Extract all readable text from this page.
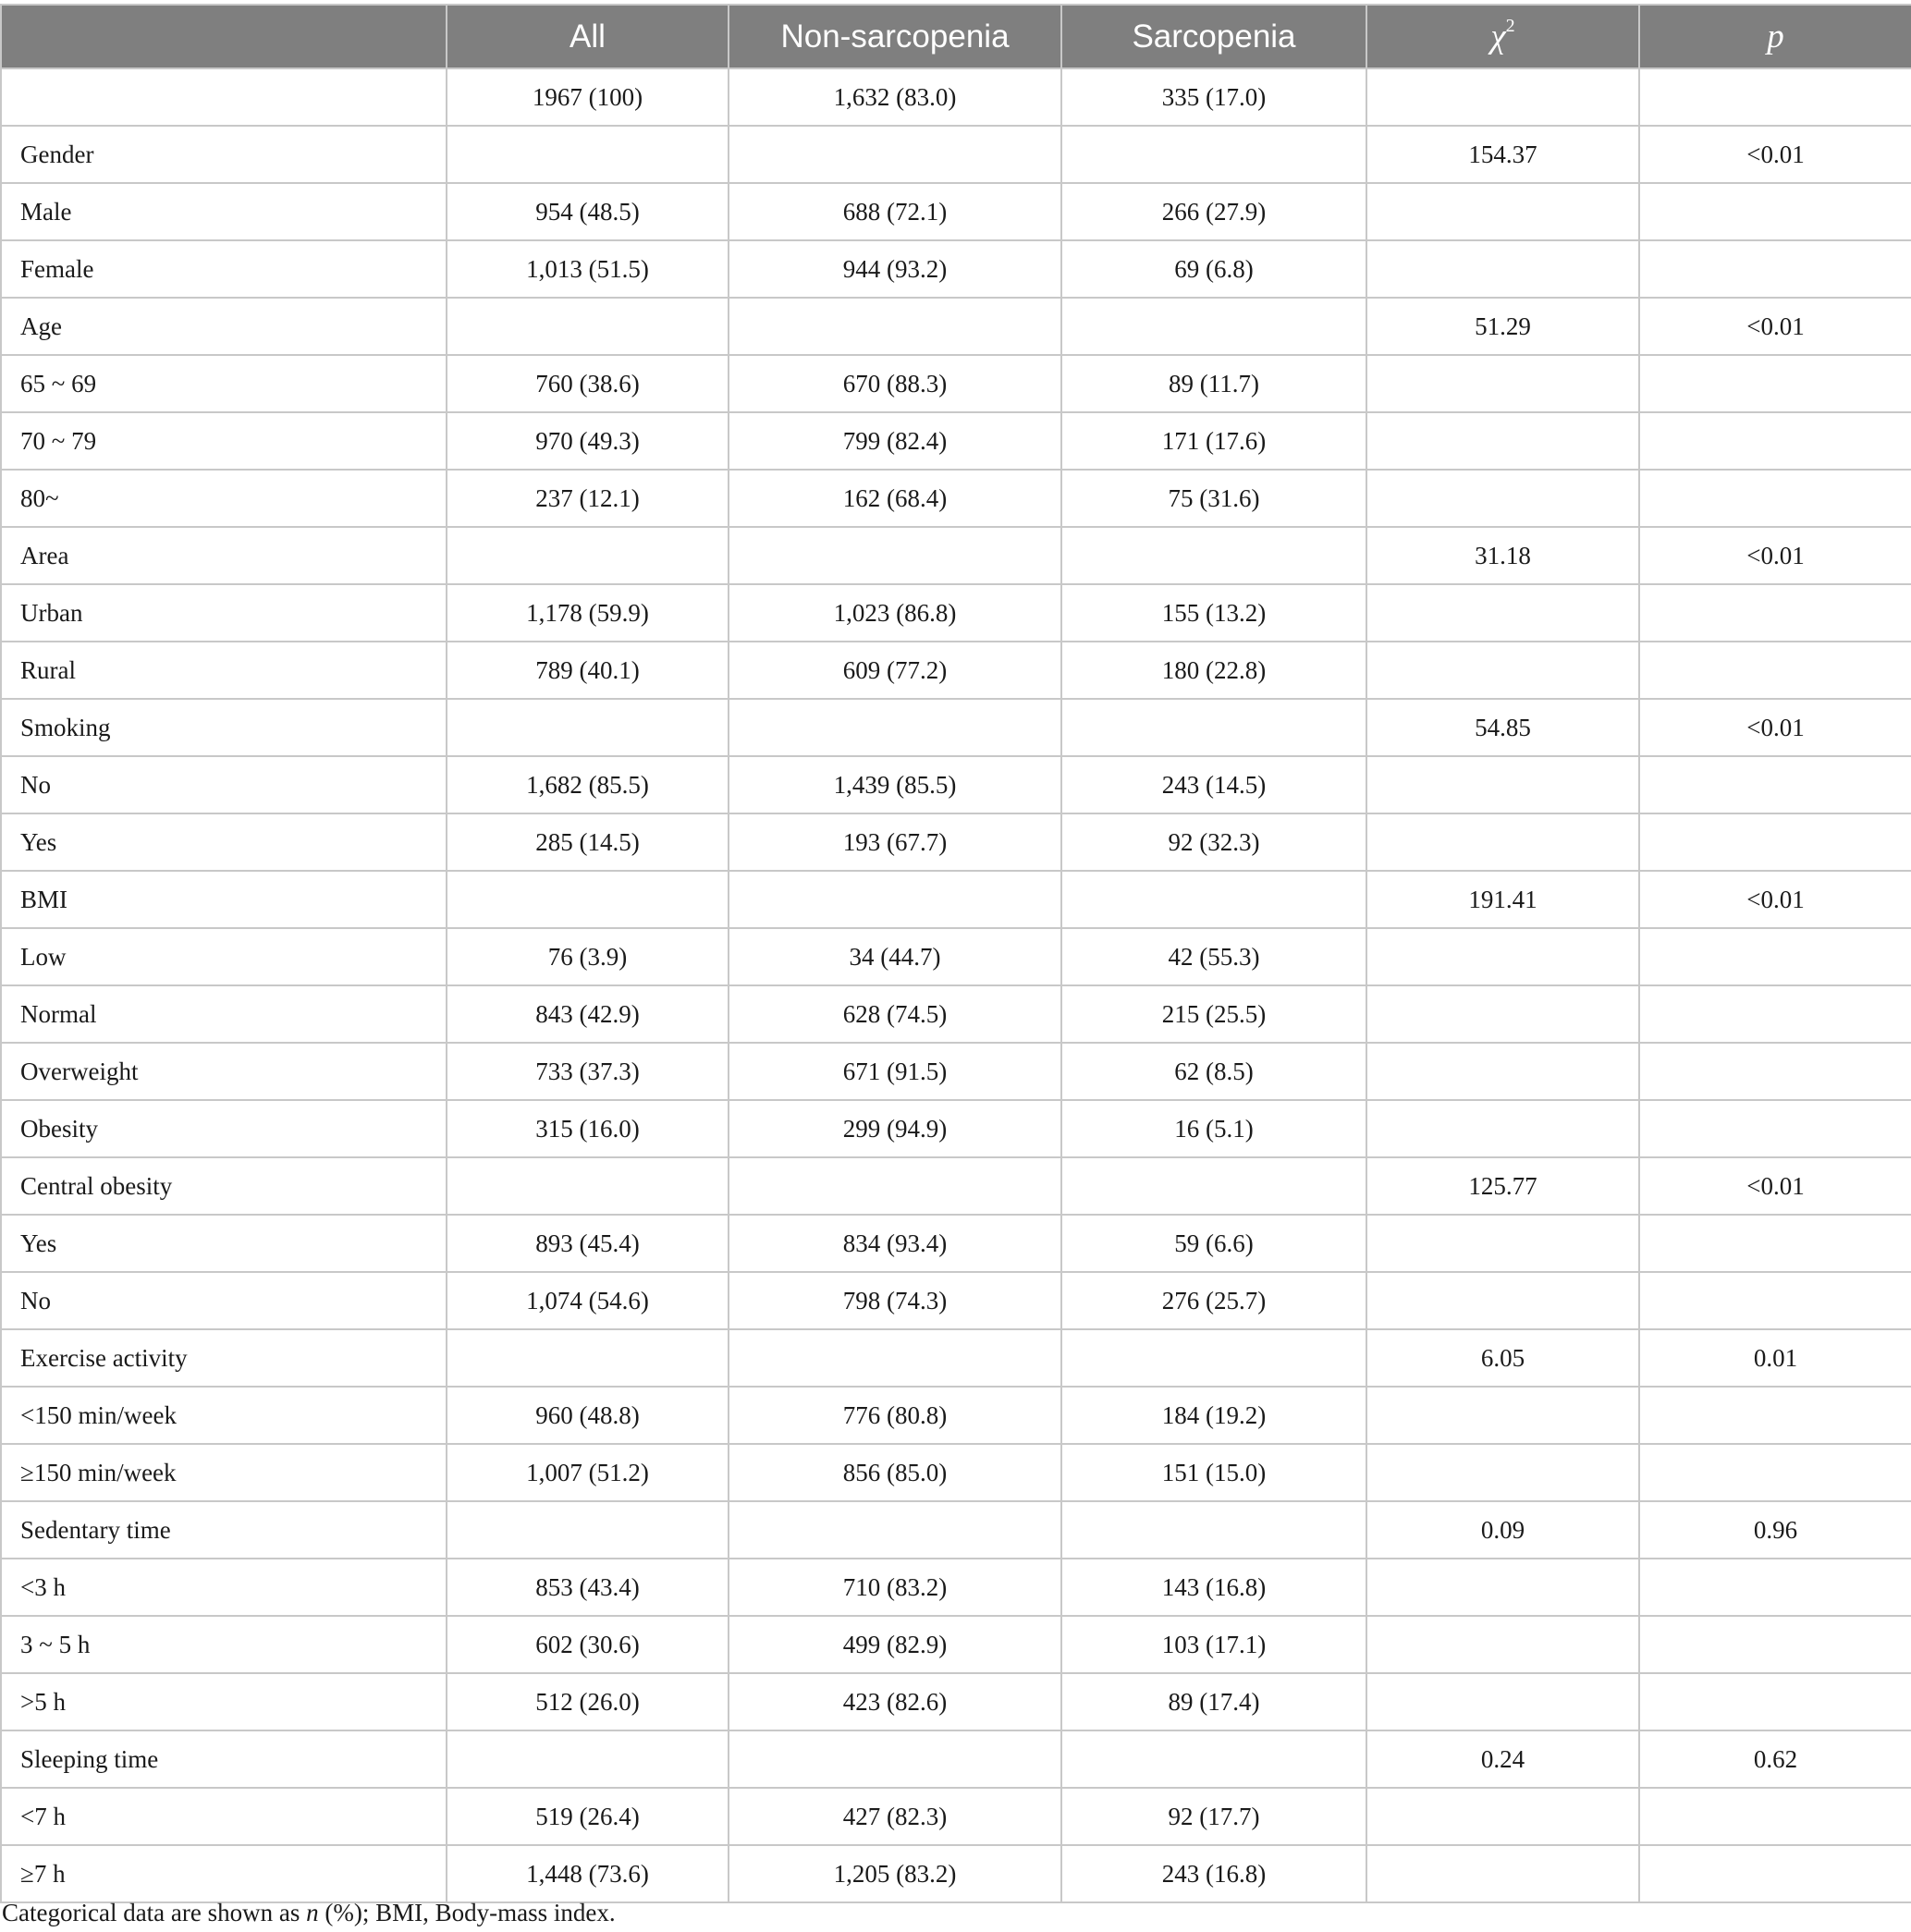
	All	Non-sarcopenia	Sarcopenia	$\chi^2$	p
	1967 (100)	1,632 (83.0)	335 (17.0)		
Gender				154.37	<0.01
Male	954 (48.5)	688 (72.1)	266 (27.9)		
Female	1,013 (51.5)	944 (93.2)	69 (6.8)		
Age				51.29	<0.01
65 ~ 69	760 (38.6)	670 (88.3)	89 (11.7)		
70 ~ 79	970 (49.3)	799 (82.4)	171 (17.6)		
80~	237 (12.1)	162 (68.4)	75 (31.6)		
Area				31.18	<0.01
Urban	1,178 (59.9)	1,023 (86.8)	155 (13.2)		
Rural	789 (40.1)	609 (77.2)	180 (22.8)		
Smoking				54.85	<0.01
No	1,682 (85.5)	1,439 (85.5)	243 (14.5)		
Yes	285 (14.5)	193 (67.7)	92 (32.3)		
BMI				191.41	<0.01
Low	76 (3.9)	34 (44.7)	42 (55.3)		
Normal	843 (42.9)	628 (74.5)	215 (25.5)		
Overweight	733 (37.3)	671 (91.5)	62 (8.5)		
Obesity	315 (16.0)	299 (94.9)	16 (5.1)		
Central obesity				125.77	<0.01
Yes	893 (45.4)	834 (93.4)	59 (6.6)		
No	1,074 (54.6)	798 (74.3)	276 (25.7)		
Exercise activity				6.05	0.01
<150 min/week	960 (48.8)	776 (80.8)	184 (19.2)		
≥150 min/week	1,007 (51.2)	856 (85.0)	151 (15.0)		
Sedentary time				0.09	0.96
<3 h	853 (43.4)	710 (83.2)	143 (16.8)		
3 ~ 5 h	602 (30.6)	499 (82.9)	103 (17.1)		
>5 h	512 (26.0)	423 (82.6)	89 (17.4)		
Sleeping time				0.24	0.62
<7 h	519 (26.4)	427 (82.3)	92 (17.7)		
≥7 h	1,448 (73.6)	1,205 (83.2)	243 (16.8)		
Categorical data are shown as n (%); BMI, Body-mass index.
